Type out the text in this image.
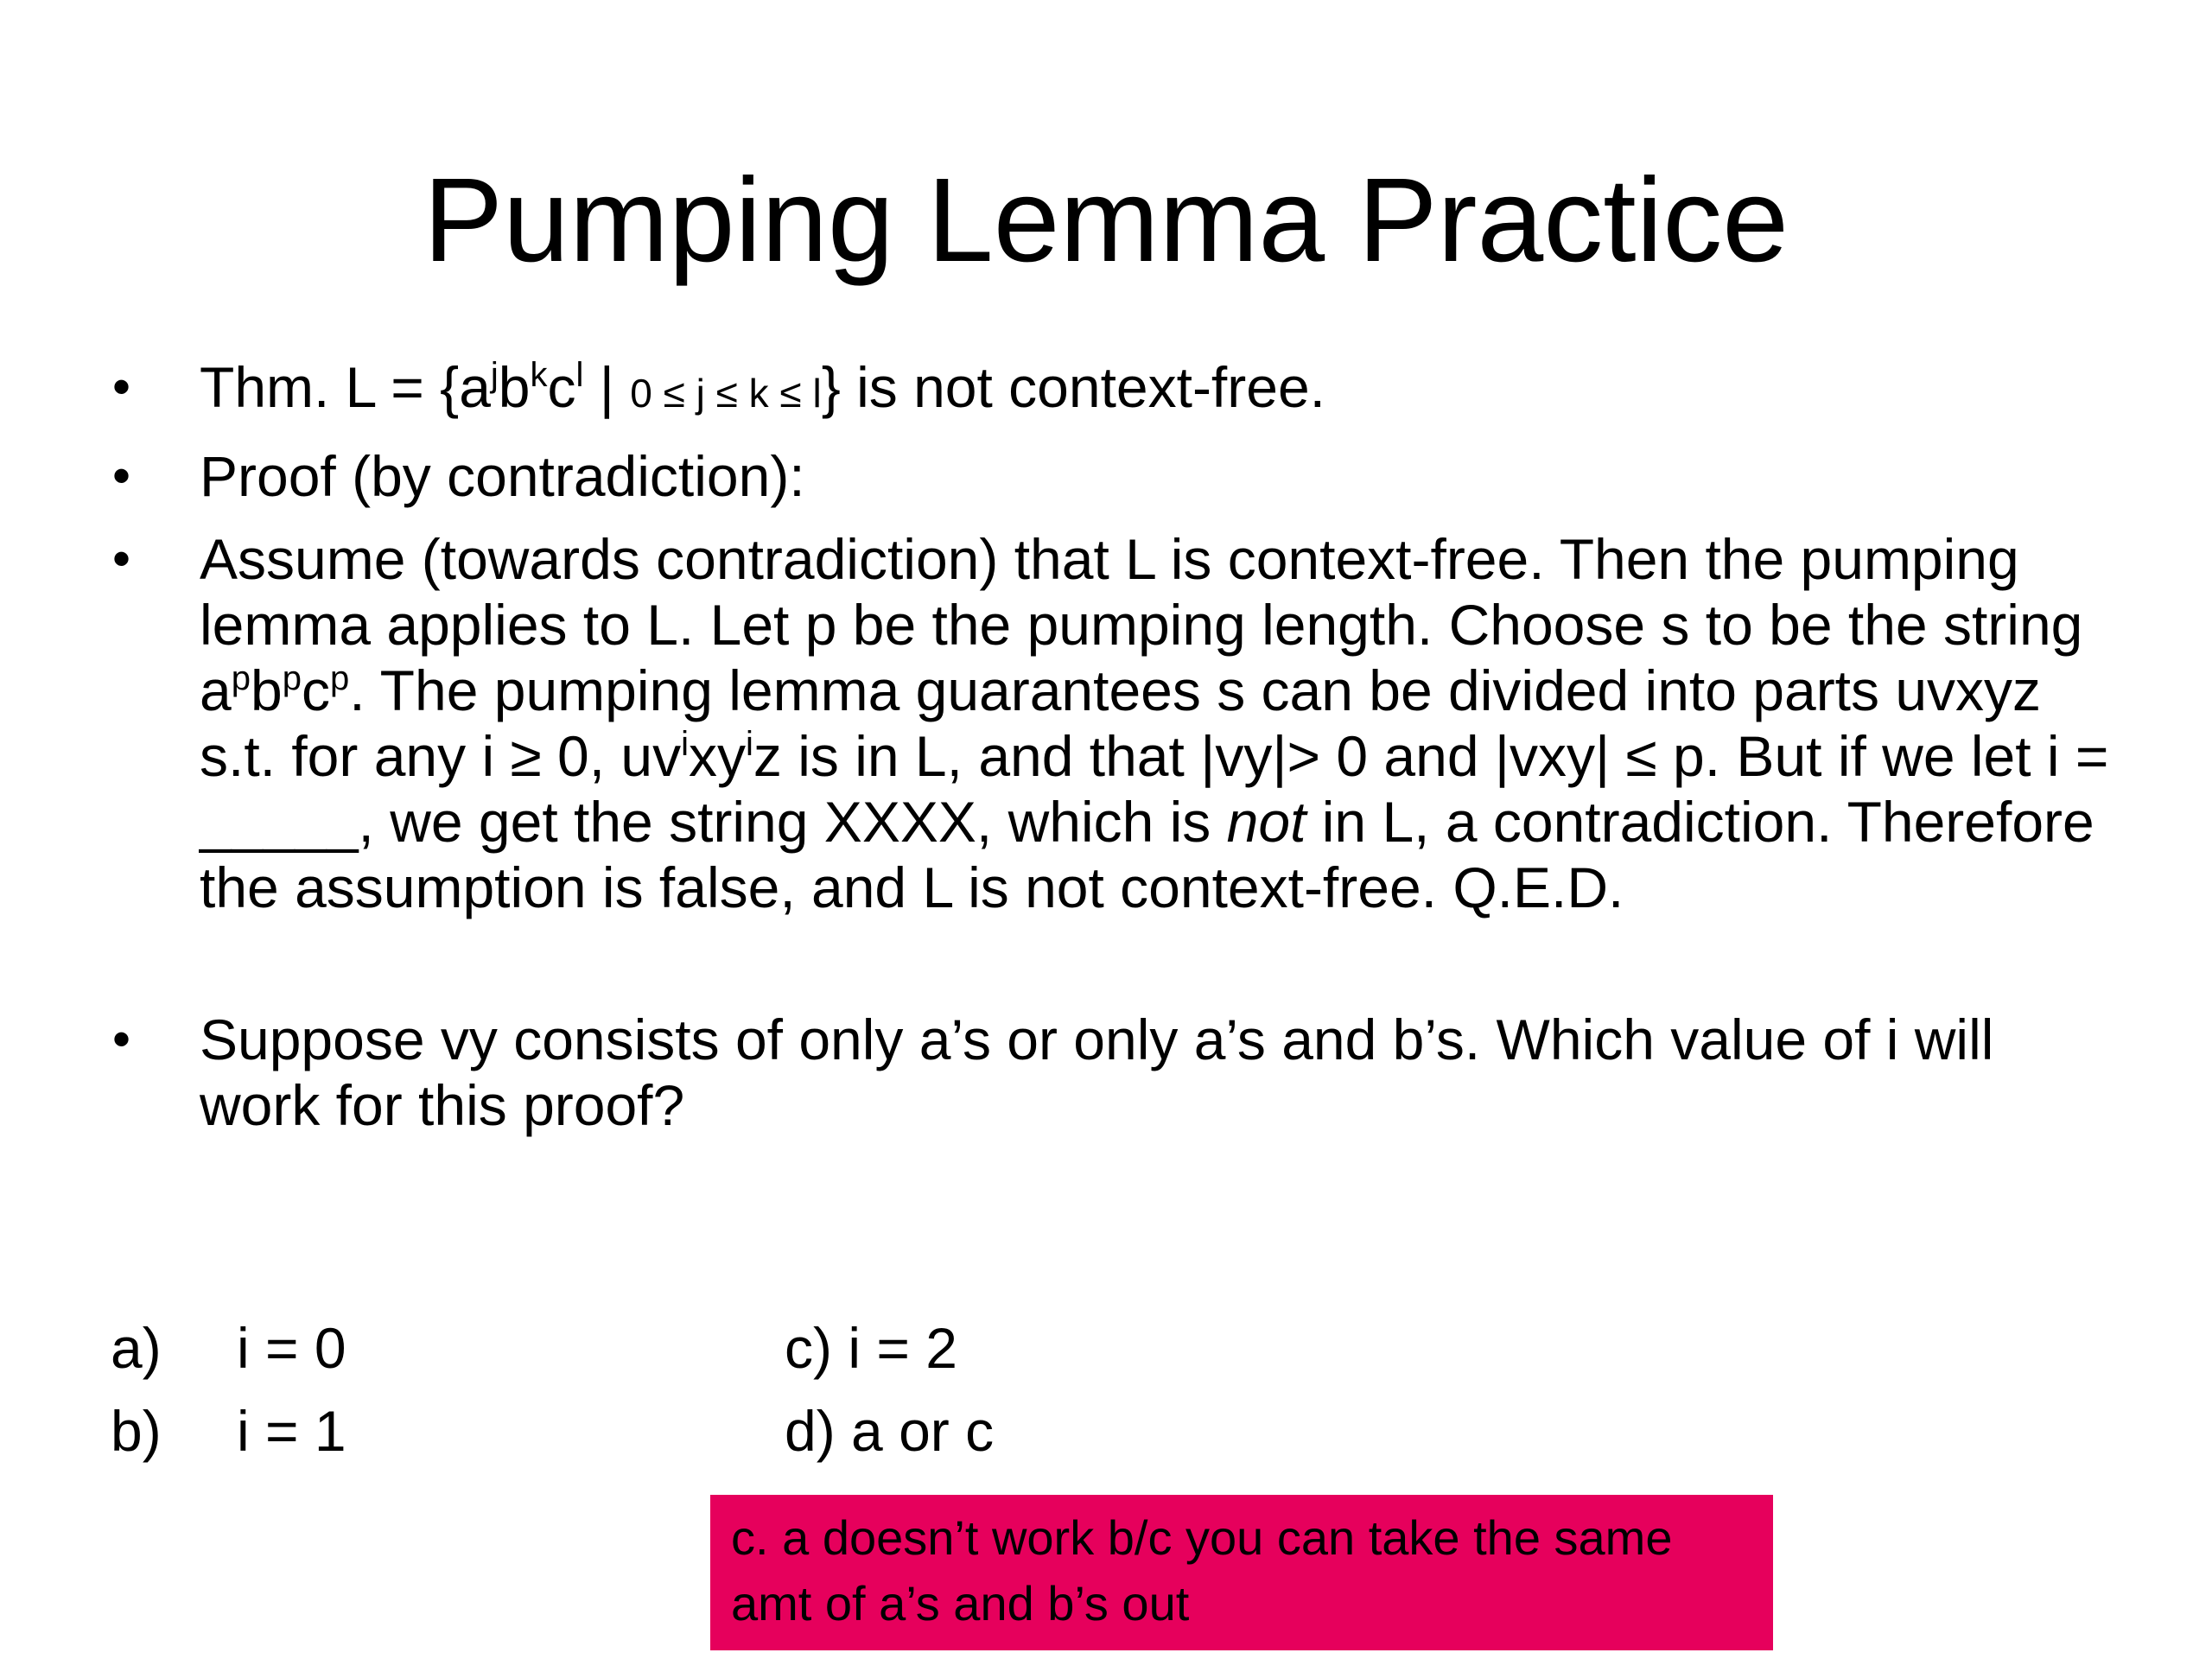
Pumping Lemma Practice
• Thm. $L = \{a^jb^kc^l$ | 0 ≤ j ≤ k ≤ l} is not context-free.
• Proof (by contradiction):
• Assume (towards contradiction) that L is context-free. Then the pumping lemma applies to L. Let p be the pumping length. Choose s to be the string $a^pb^pc^p$. The pumping lemma guarantees s can be divided into parts uvxyz s.t. for any i ≥ 0, $uv^ixy^iz$ is in L, and that |vy|> 0 and |vxy| ≤ p. But if we let i = _____, we get the string XXXX, which is not in L, a contradiction. Therefore the assumption is false, and L is not context-free. Q.E.D.
• Suppose vy consists of only a’s or only a’s and b’s. Which value of i will work for this proof?
a) i = 0
b) i = 1
c) i = 2
d) a or c
c. a doesn’t work b/c you can take the same amt of a’s and b’s out
